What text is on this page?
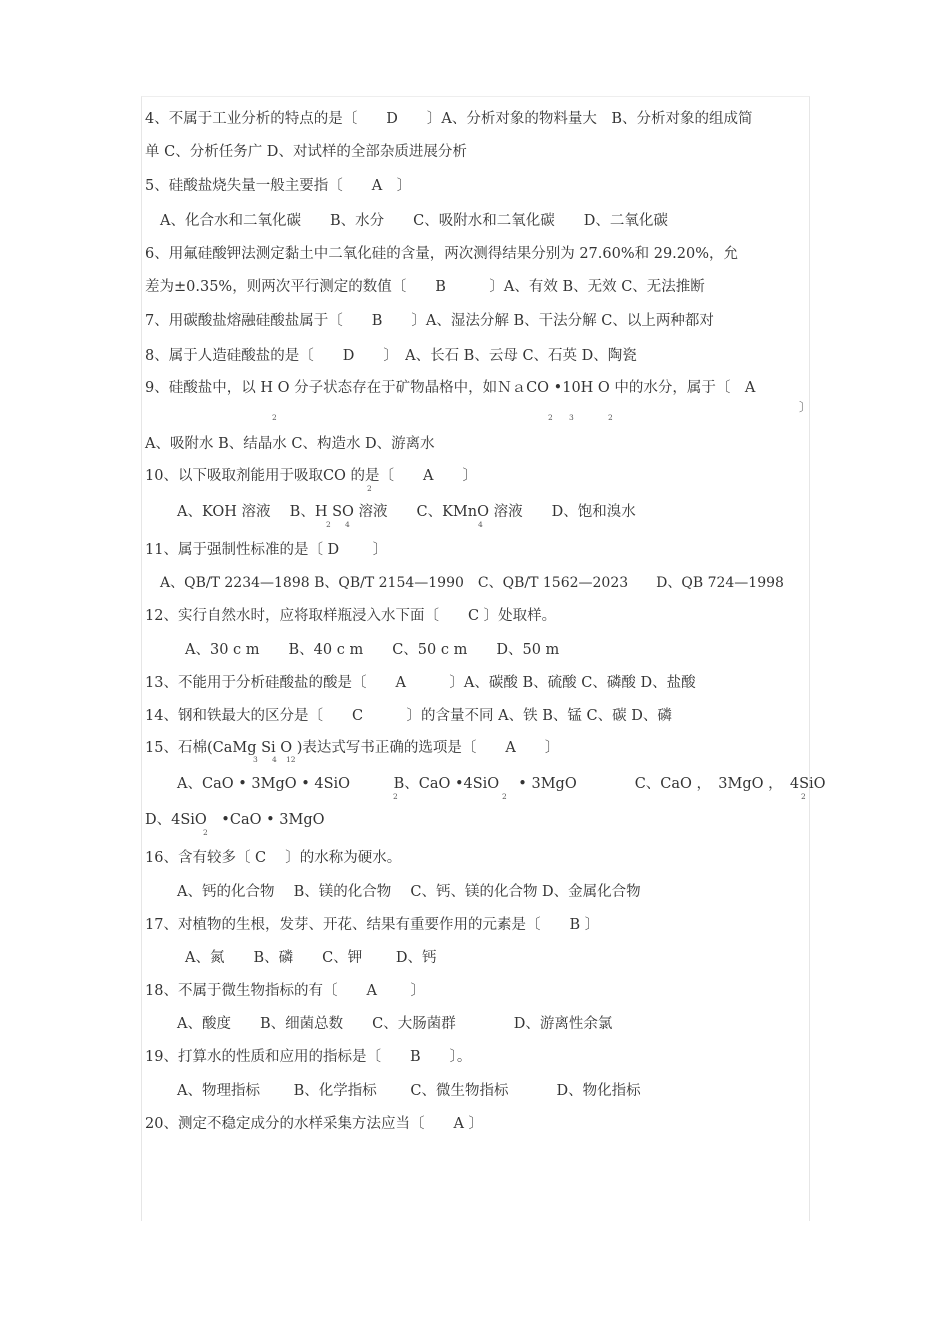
4、不属于工业分析的特点的是〔　　D　　〕A、分析对象的物料量大　B、分析对象的组成简
单 C、分析任务广 D、对试样的全部杂质进展分析
5、硅酸盐烧失量一般主要指〔　　A　〕
A、化合水和二氧化碳　　B、水分　　C、吸附水和二氧化碳　　D、二氧化碳
6、用氟硅酸钾法测定黏土中二氧化硅的含量，两次测得结果分别为 27.60%和 29.20%，允
差为±0.35%，则两次平行测定的数值〔　　B　　　〕A、有效 B、无效 C、无法推断
7、用碳酸盐熔融硅酸盐属于〔　　B　　〕A、湿法分解 B、干法分解 C、以上两种都对
8、属于人造硅酸盐的是〔　　D　　〕　A、长石 B、云母 C、石英 D、陶瓷
9、硅酸盐中，以 H O 分子状态存在于矿物晶格中，如ＮａCO •10H O 中的水分，属于〔　A
2	2 3	2
〕
A、吸附水 B、结晶水 C、构造水 D、游离水
10、以下吸取剂能用于吸取CO 的是〔　　A　　〕
2
A、KOH 溶液　 B、H SO 溶液　　C、KMnO 溶液　　D、饱和溴水
2 4	4
11、属于强制性标准的是〔 D　　 〕
A、QB/T 2234—1898 B、QB/T 2154—1990　C、QB/T 1562—2023　　D、QB 724—1998
12、实行自然水时，应将取样瓶浸入水下面〔　　C 〕处取样。
A、30 c m　　B、40 c m　　C、50 c m　　D、50 m
13、不能用于分析硅酸盐的酸是〔　　A　　　〕A、碳酸 B、硫酸 C、磷酸 D、盐酸
14、钢和铁最大的区分是〔　　C　　　〕的含量不同 A、铁 B、锰 C、碳 D、磷
15、石棉(CaMg Si O )表达式写书正确的选项是〔　　A　　〕
3 4 12
A、CaO • 3MgO • 4SiO　　　B、CaO •4SiO　 • 3MgO　　　　C、CaO ，　3MgO ，　4SiO
2	2	2
D、4SiO　•CaO • 3MgO
2
16、含有较多〔 C　 〕的水称为硬水。
A、钙的化合物　 B、镁的化合物　 C、钙、镁的化合物 D、金属化合物
17、对植物的生根，发芽、开花、结果有重要作用的元素是〔　　B 〕
A、氮　　B、磷　　C、钾　　 D、钙
18、不属于微生物指标的有〔　　A　　 〕
A、酸度　　B、细菌总数　　C、大肠菌群　　　　D、游离性余氯
19、打算水的性质和应用的指标是〔　　B　　〕。
A、物理指标　　 B、化学指标　　 C、微生物指标　　　 D、物化指标
20、测定不稳定成分的水样采集方法应当〔　　A 〕
